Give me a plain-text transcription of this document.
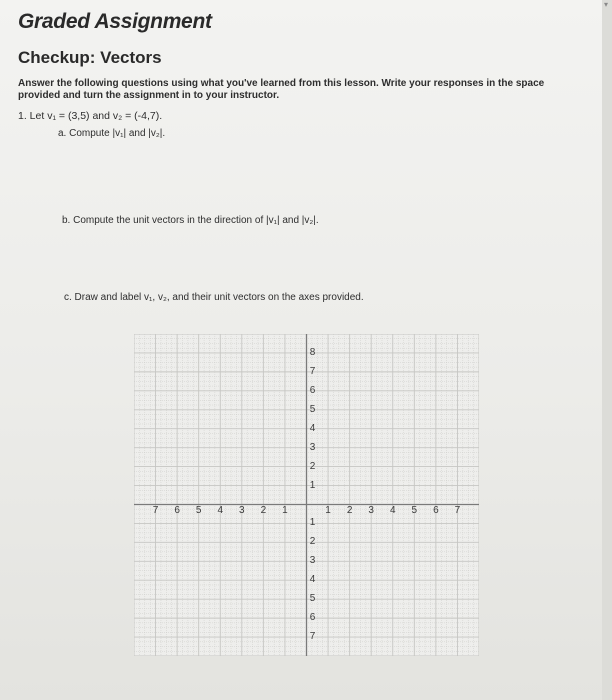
Graded Assignment
Checkup: Vectors
Answer the following questions using what you've learned from this lesson. Write your responses in the space provided and turn the assignment in to your instructor.
1. Let v₁ = (3,5) and v₂ = (-4,7).
a. Compute |v₁| and |v₂|.
b. Compute the unit vectors in the direction of |v₁| and |v₂|.
c. Draw and label v₁, v₂, and their unit vectors on the axes provided.
7 6 5 4 3 2 1	1 2 3 4 5 6 7
8
7
6
5
4
3
2
1
1
2
3
4
5
6
7
▾
